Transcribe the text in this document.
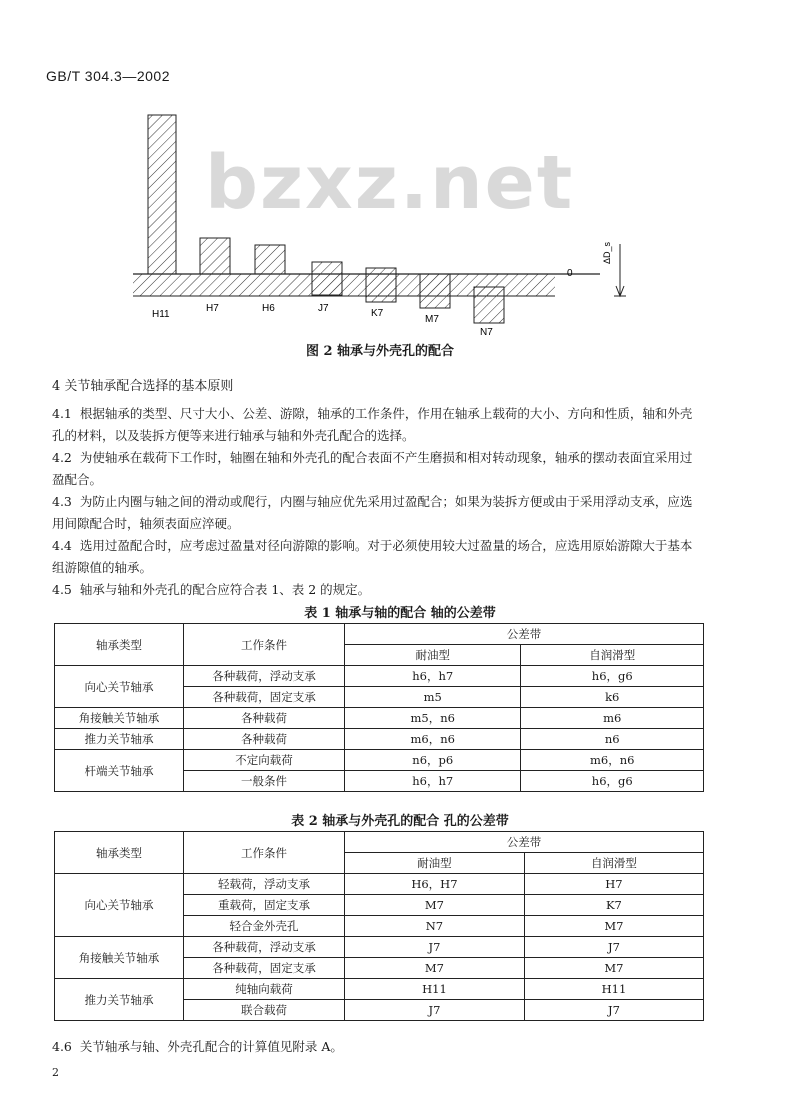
GB/T 304.3—2002
bzxz.net
H11
H7	H6	J7	K7
M7
N7
0
ΔD_s
图 2 轴承与外壳孔的配合
4 关节轴承配合选择的基本原则
4.1 根据轴承的类型、尺寸大小、公差、游隙，轴承的工作条件，作用在轴承上载荷的大小、方向和性质，轴和外壳孔的材料，以及装拆方便等来进行轴承与轴和外壳孔配合的选择。
4.2 为使轴承在载荷下工作时，轴圈在轴和外壳孔的配合表面不产生磨损和相对转动现象，轴承的摆动表面宜采用过盈配合。
4.3 为防止内圈与轴之间的滑动或爬行，内圈与轴应优先采用过盈配合；如果为装拆方便或由于采用浮动支承，应选用间隙配合时，轴须表面应淬硬。
4.4 选用过盈配合时，应考虑过盈量对径向游隙的影响。对于必须使用较大过盈量的场合，应选用原始游隙大于基本组游隙值的轴承。
4.5 轴承与轴和外壳孔的配合应符合表 1、表 2 的规定。
表 1 轴承与轴的配合 轴的公差带
轴承类型	工作条件	公差带	
		耐油型	自润滑型
向心关节轴承	各种载荷，浮动支承	h6，h7	h6，g6
	各种载荷，固定支承	m5	k6
角接触关节轴承	各种载荷	m5，n6	m6
推力关节轴承	各种载荷	m6，n6	n6
杆端关节轴承	不定向载荷	n6，p6	m6，n6
	一般条件	h6，h7	h6，g6
表 2 轴承与外壳孔的配合 孔的公差带
轴承类型	工作条件	公差带	
		耐油型	自润滑型
向心关节轴承	轻载荷，浮动支承	H6，H7	H7
	重载荷，固定支承	M7	K7
	轻合金外壳孔	N7	M7
角接触关节轴承	各种载荷，浮动支承	J7	J7
	各种载荷，固定支承	M7	M7
推力关节轴承	纯轴向载荷	H11	H11
	联合载荷	J7	J7
4.6 关节轴承与轴、外壳孔配合的计算值见附录 A。
2
